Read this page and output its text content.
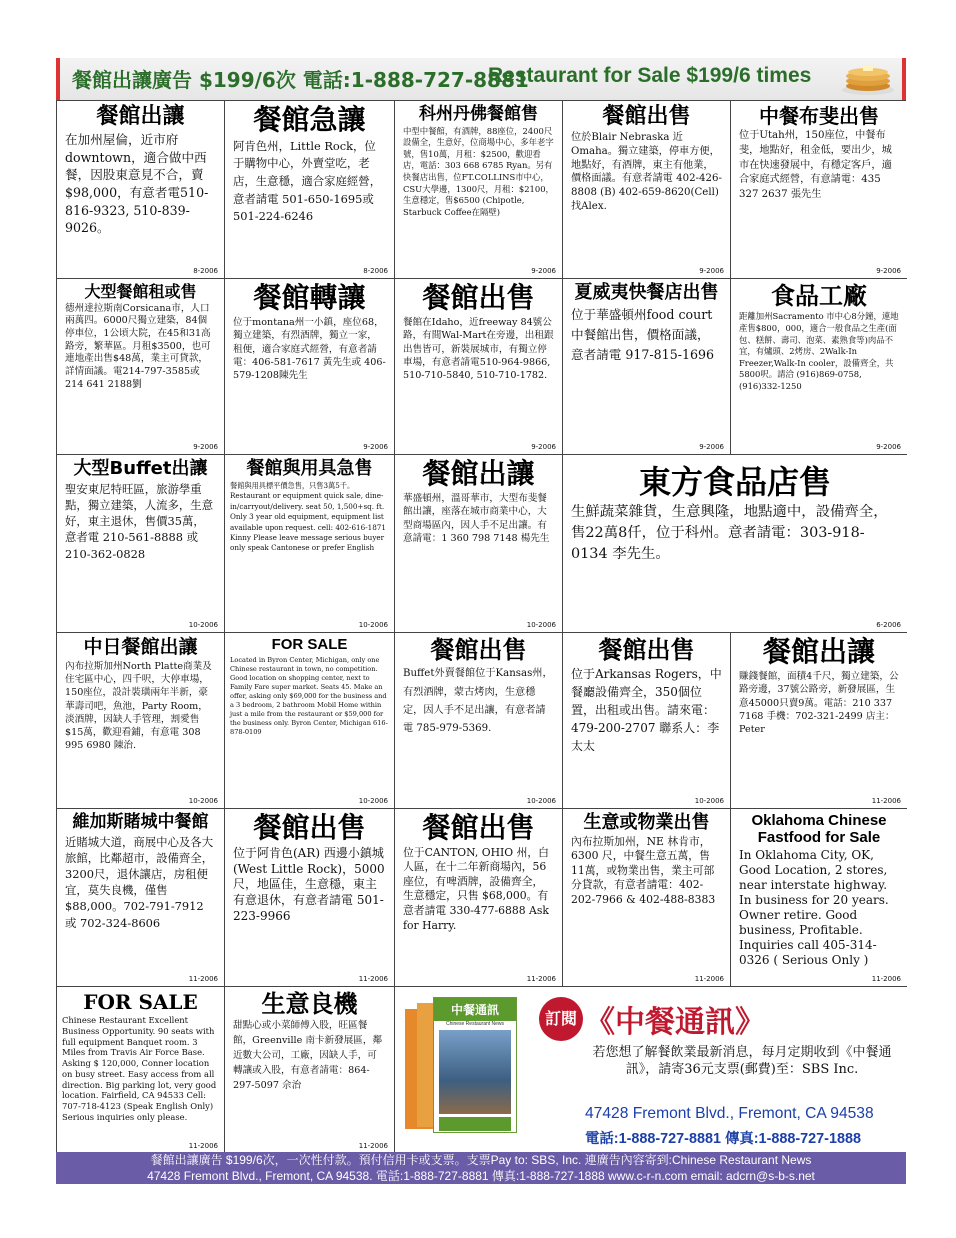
餐館出讓廣告 $199/6次 電話:1-888-727-8881
Restaurant for Sale $199/6 times
餐館出讓
在加州屋倫，近市府downtown，適合做中西餐，因股東意見不合，賣$98,000，有意者電510-816-9323, 510-839-9026。
8-2006
餐館急讓
阿肯色州，Little Rock，位于購物中心，外賣堂吃，老店，生意穩，適合家庭經營，意者請電 501-650-1695或 501-224-6246
8-2006
科州丹佛餐館售
中型中餐館，有酒牌，88座位，2400尺設備全，生意好，位商場中心，多年老字號，售10萬，月租：$2500，歡迎看店，電話：303 668 6785 Ryan。另有快餐店出售，位FT.COLLINS市中心，CSU大學邊，1300尺，月租：$2100，生意穩定，售$6500 (Chipotle, Starbuck Coffee在隔壁)
9-2006
餐館出售
位於Blair Nebraska 近Omaha。獨立建築，停車方便，地點好，有酒牌，東主有他業，價格面議。有意者請電 402-426-8808 (B) 402-659-8620(Cell) 找Alex.
9-2006
中餐布斐出售
位于Utah州，150座位，中餐布斐，地點好，租金低，要出少，城市在快速發展中，有穩定客戶，適合家庭式經營，有意請電：435 327 2637 張先生
9-2006
大型餐館租或售
德州達拉斯南Corsicana市，人口兩萬四。6000尺獨立建築，84個停車位，1公頃大院，在45和31高路旁，繁華區。月租$3500，也可連地產出售$48萬，業主可貸款，詳情面議。電214-797-3585或214 641 2188劉
9-2006
餐館轉讓
位于montana州一小鎮，座位68，獨立建築，有烈酒牌，獨立一家，租便，適合家庭式經營，有意者請電：406-581-7617 黃先生或 406-579-1208陳先生
9-2006
餐館出售
餐館在Idaho，近freeway 84號公路，有間Wal-Mart在旁邊，出租跟出售皆可，新裝展城市，有獨立停車場，有意者請電510-964-9866, 510-710-5840, 510-710-1782.
9-2006
夏威夷快餐店出售
位于華盛頓州food court 中餐館出售，價格面議，意者請電 917-815-1696
9-2006
食品工廠
距離加州Sacramento 市中心8分鐘，連地產售$800，000，適合一般食品之生產(面包、糕餅、壽司、泡菜、素熟食等)肉品不宜，有爐頭、2烤房、2Walk-In Freezer,Walk-In cooler，設備齊全，共5800呎。請洽 (916)869-0758, (916)332-1250
9-2006
大型Buffet出讓
聖安東尼特旺區，旅游學重點，獨立建築，人流多，生意好，東主退休，售價35萬，意者電 210-561-8888 或 210-362-0828
10-2006
餐館與用具急售
餐館與用具標平價急售，只售3萬5千。Restaurant or equipment quick sale, dine-in/carryout/delivery. seat 50, 1,500+sq. ft. Only 3 year old equipment, equipment list available upon request. cell: 402-616-1871 Kinny Please leave message serious buyer only speak Cantonese or prefer English
10-2006
餐館出讓
華盛頓州，溫哥華市，大型布斐餐館出讓，座落在城市商業中心，大型商場區內，因人手不足出讓。有意請電：1 360 798 7148 楊先生
10-2006
東方食品店售
生鮮蔬菜雜貨，生意興隆，地點適中，設備齊全，售22萬8仟，位于科州。意者請電：303-918-0134 李先生。
6-2006
中日餐館出讓
內布拉斯加州North Platte商業及住宅區中心，四千呎，大停車場，150座位，設計裝璜兩年半新，豪華壽司吧，魚池，Party Room，淡酒牌，因缺人手管理，割愛售$15萬，歡迎看鋪，有意電 308 995 6980 陳治.
10-2006
FOR SALE
Located in Byron Center, Michigan, only one Chinese restaurant in town, no competition. Good location on shopping center, next to Family Fare super market. Seats 45. Make an offer, asking only $69,000 for the business and a 3 bedroom, 2 bathroom Mobil Home within just a mile from the restaurant or $59,000 for the business only. Byron Center, Michigan 616-878-0109
10-2006
餐館出售
Buffet外賣餐館位于Kansas州，有烈酒牌，蒙古烤肉，生意穩定，因人手不足出讓，有意者請電 785-979-5369.
10-2006
餐館出售
位于Arkansas Rogers，中餐廳設備齊全，350個位置，出租或出售。請來電：479-200-2707 聯系人：李太太
10-2006
餐館出讓
賺錢餐館，面積4千尺，獨立建築，公路旁邊，37號公路旁，新發展區，生意45000只賣9萬。電話：210 337 7168 手機：702-321-2499 店主：Peter
11-2006
維加斯賭城中餐館
近賭城大道，商展中心及各大旅館，比鄰超市，設備齊全，3200尺，退休讓店，房租便宜，莫失良機，僅售$88,000。702-791-7912 或 702-324-8606
11-2006
餐館出售
位于阿肯色(AR) 西邊小鎮城(West Little Rock)，5000 尺，地區佳，生意穩，東主有意退休，有意者請電 501-223-9966
11-2006
餐館出售
位于CANTON, OHIO 州，白人區，在十二年新商場內，56座位，有啤酒牌，設備齊全，生意穩定，只售 $68,000。有意者請電 330-477-6888 Ask for Harry.
11-2006
生意或物業出售
內布拉斯加州，NE 林肯市，6300 尺，中餐生意五萬，售11萬，或物業出售，業主可部分貸款，有意者請電：402-202-7966 & 402-488-8383
11-2006
Oklahoma Chinese Fastfood for Sale
In Oklahoma City, OK, Good Location, 2 stores, near interstate highway. In business for 20 years. Owner retire. Good business, Profitable. Inquiries call 405-314-0326 ( Serious Only )
11-2006
FOR SALE
Chinese Restaurant Excellent Business Opportunity. 90 seats with full equipment Banquet room. 3 Miles from Travis Air Force Base. Asking $ 120,000, Conner location on busy street. Easy access from all direction. Big parking lot, very good location. Fairfield, CA 94533 Cell: 707-718-4123 (Speak English Only) Serious inquiries only please.
11-2006
生意良機
甜點心或小菜師傅入股，旺區餐館，Greenville 南卡新發展區，鄰近數大公司，工廠，因缺人手，可轉讓或入股，有意者請電：864-297-5097 佘治
11-2006
中餐通訊
Chinese Restaurant News	訂閱 《中餐通訊》
若您想了解餐飲業最新消息，每月定期收到《中餐通訊》，請寄36元支票(郵費)至：SBS Inc.
47428 Fremont Blvd., Fremont, CA 94538
電話:1-888-727-8881 傳真:1-888-727-1888
餐館出讓廣告 $199/6次，一次性付款。預付信用卡或支票。支票Pay to: SBS, Inc. 連廣告內容寄到:Chinese Restaurant News
47428 Fremont Blvd., Fremont, CA 94538. 電話:1-888-727-8881 傳真:1-888-727-1888 www.c-r-n.com email: adcrn@s-b-s.net
